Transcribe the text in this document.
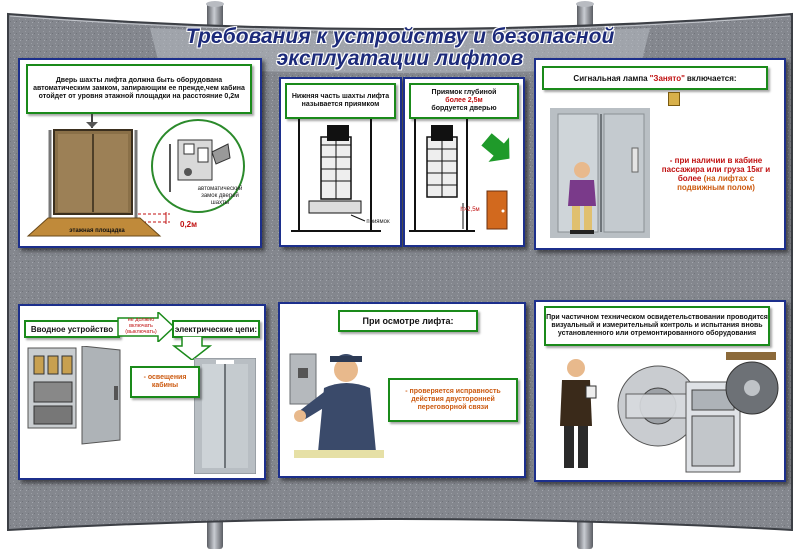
Требования к устройству и безопасной
эксплуатации лифтов
Дверь шахты лифта должна быть оборудована автоматическим замком, запирающим ее прежде,чем кабина отойдет от уровня этажной площадки на расстояние 0,2м
автоматический замок дверей шахты
0,2м
этажная площадка
Нижняя часть шахты лифта называется приямком
приямок
Приямок глубиной
более 2,5м
бордуется дверью
h>2,5м
Сигнальная лампа "Занято" включается:
- при наличии в кабине пассажира или груза 15кг и более (на лифтах с подвижным полом)
Вводное устройство
не должно включать (выключать)	электрические цепи:
- освещения кабины
При осмотре лифта:
- проверяется исправность действия двусторонней переговорной связи
При частичном техническом освидетельствовании проводится визуальный и измерительный контроль и испытания вновь установленного или отремонтированного оборудования
